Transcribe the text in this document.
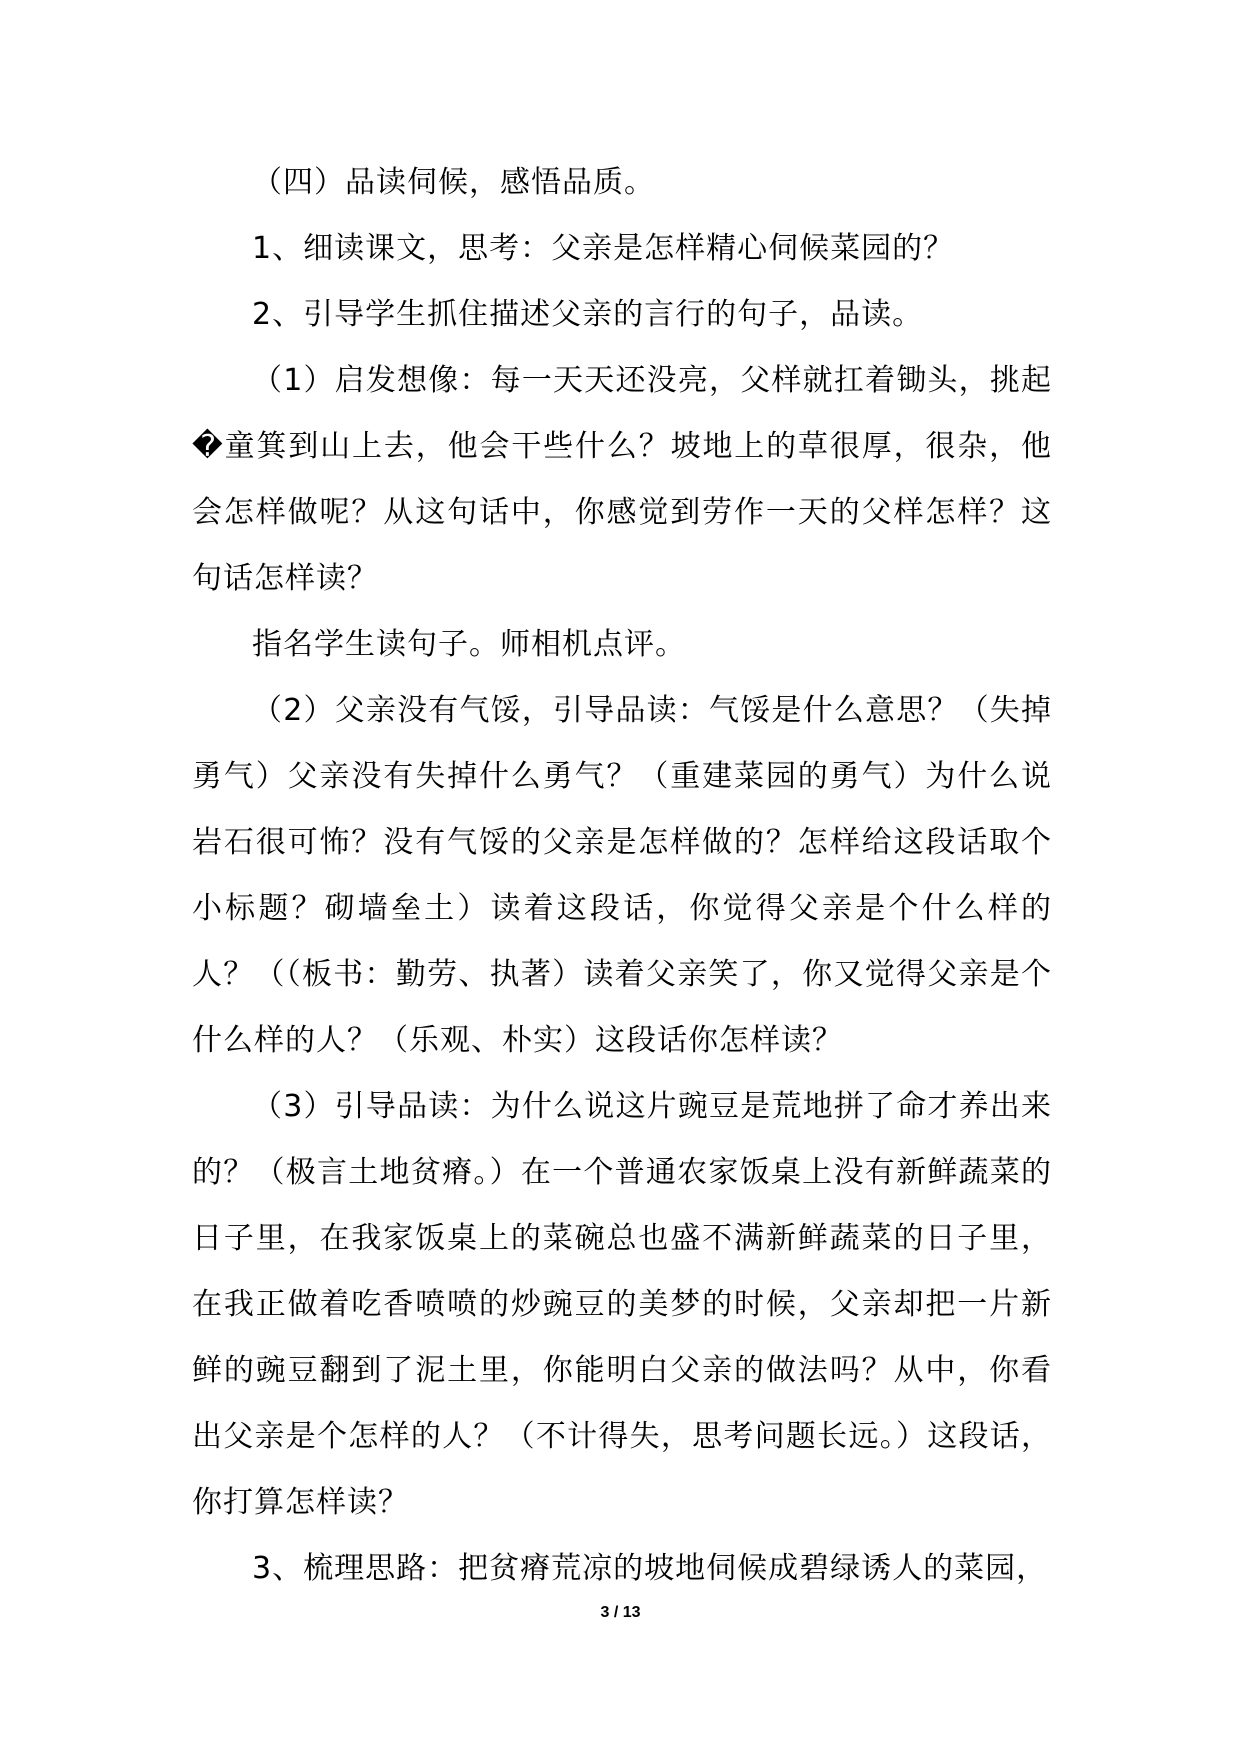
（四）品读伺候，感悟品质。

1、细读课文，思考：父亲是怎样精心伺候菜园的？

2、引导学生抓住描述父亲的言行的句子，品读。

（1）启发想像：每一天天还没亮，父样就扛着锄头，挑起�童箕到山上去，他会干些什么？坡地上的草很厚，很杂，他会怎样做呢？从这句话中，你感觉到劳作一天的父样怎样？这句话怎样读？

指名学生读句子。师相机点评。

（2）父亲没有气馁，引导品读：气馁是什么意思？（失掉勇气）父亲没有失掉什么勇气？（重建菜园的勇气）为什么说岩石很可怖？没有气馁的父亲是怎样做的？怎样给这段话取个小标题？砌墙垒土）读着这段话，你觉得父亲是个什么样的人？（（板书：勤劳、执著）读着父亲笑了，你又觉得父亲是个什么样的人？（乐观、朴实）这段话你怎样读？

（3）引导品读：为什么说这片豌豆是荒地拼了命才养出来的？（极言土地贫瘠。）在一个普通农家饭桌上没有新鲜蔬菜的日子里，在我家饭桌上的菜碗总也盛不满新鲜蔬菜的日子里，在我正做着吃香喷喷的炒豌豆的美梦的时候，父亲却把一片新鲜的豌豆翻到了泥土里，你能明白父亲的做法吗？从中，你看出父亲是个怎样的人？（不计得失，思考问题长远。）这段话，你打算怎样读？

3、梳理思路：把贫瘠荒凉的坡地伺候成碧绿诱人的菜园，

3 / 13
